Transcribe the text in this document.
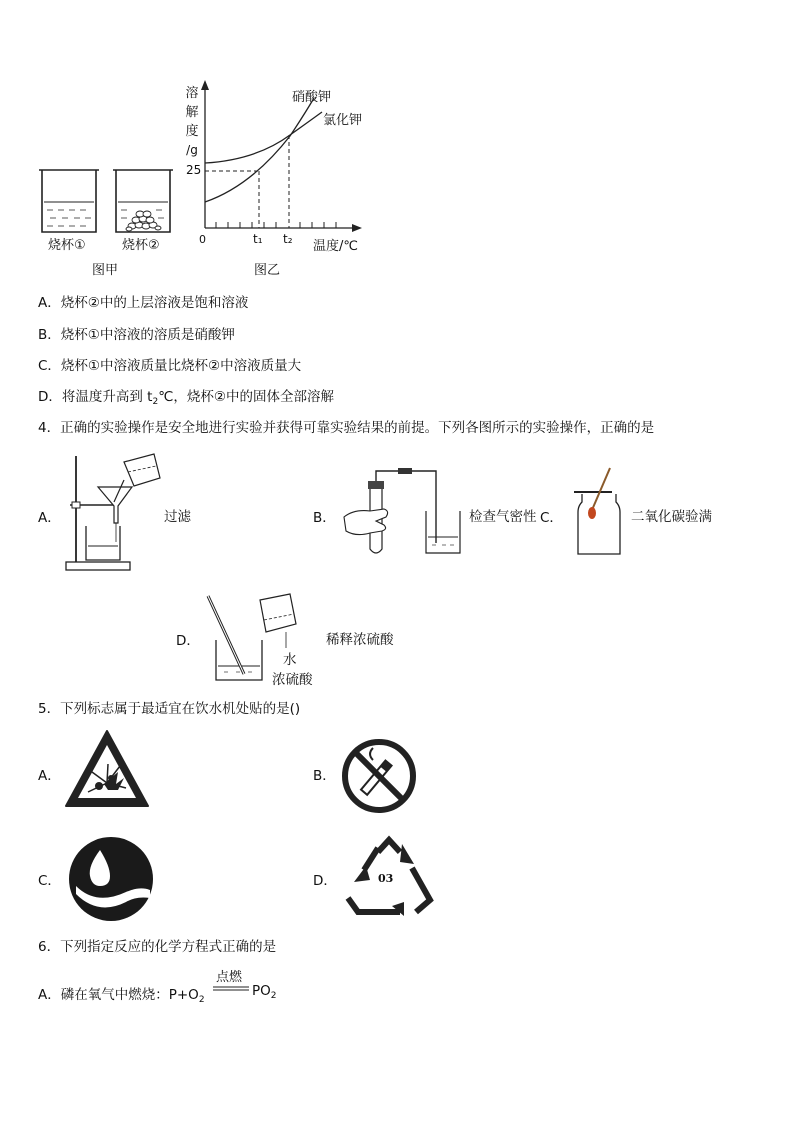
烧杯①	烧杯②
图甲
溶
解
度
/g
25
0	t₁ t₂ 温度/℃
硝酸钾
氯化钾
图乙
A．烧杯②中的上层溶液是饱和溶液
B．烧杯①中溶液的溶质是硝酸钾
C．烧杯①中溶液质量比烧杯②中溶液质量大
D．将温度升高到 $t_2℃$，烧杯②中的固体全部溶解
4．正确的实验操作是安全地进行实验并获得可靠实验结果的前提。下列各图所示的实验操作，正确的是
A．	过滤	B．	检查气密性 C．	二氧化碳验满
D．
水
浓硫酸
稀释浓硫酸
5．下列标志属于最适宜在饮水机处贴的是()
A．	B．
C．	D．	03
6．下列指定反应的化学方程式正确的是
A．磷在氧气中燃烧：$P+O_2$
点燃
$PO_2$
